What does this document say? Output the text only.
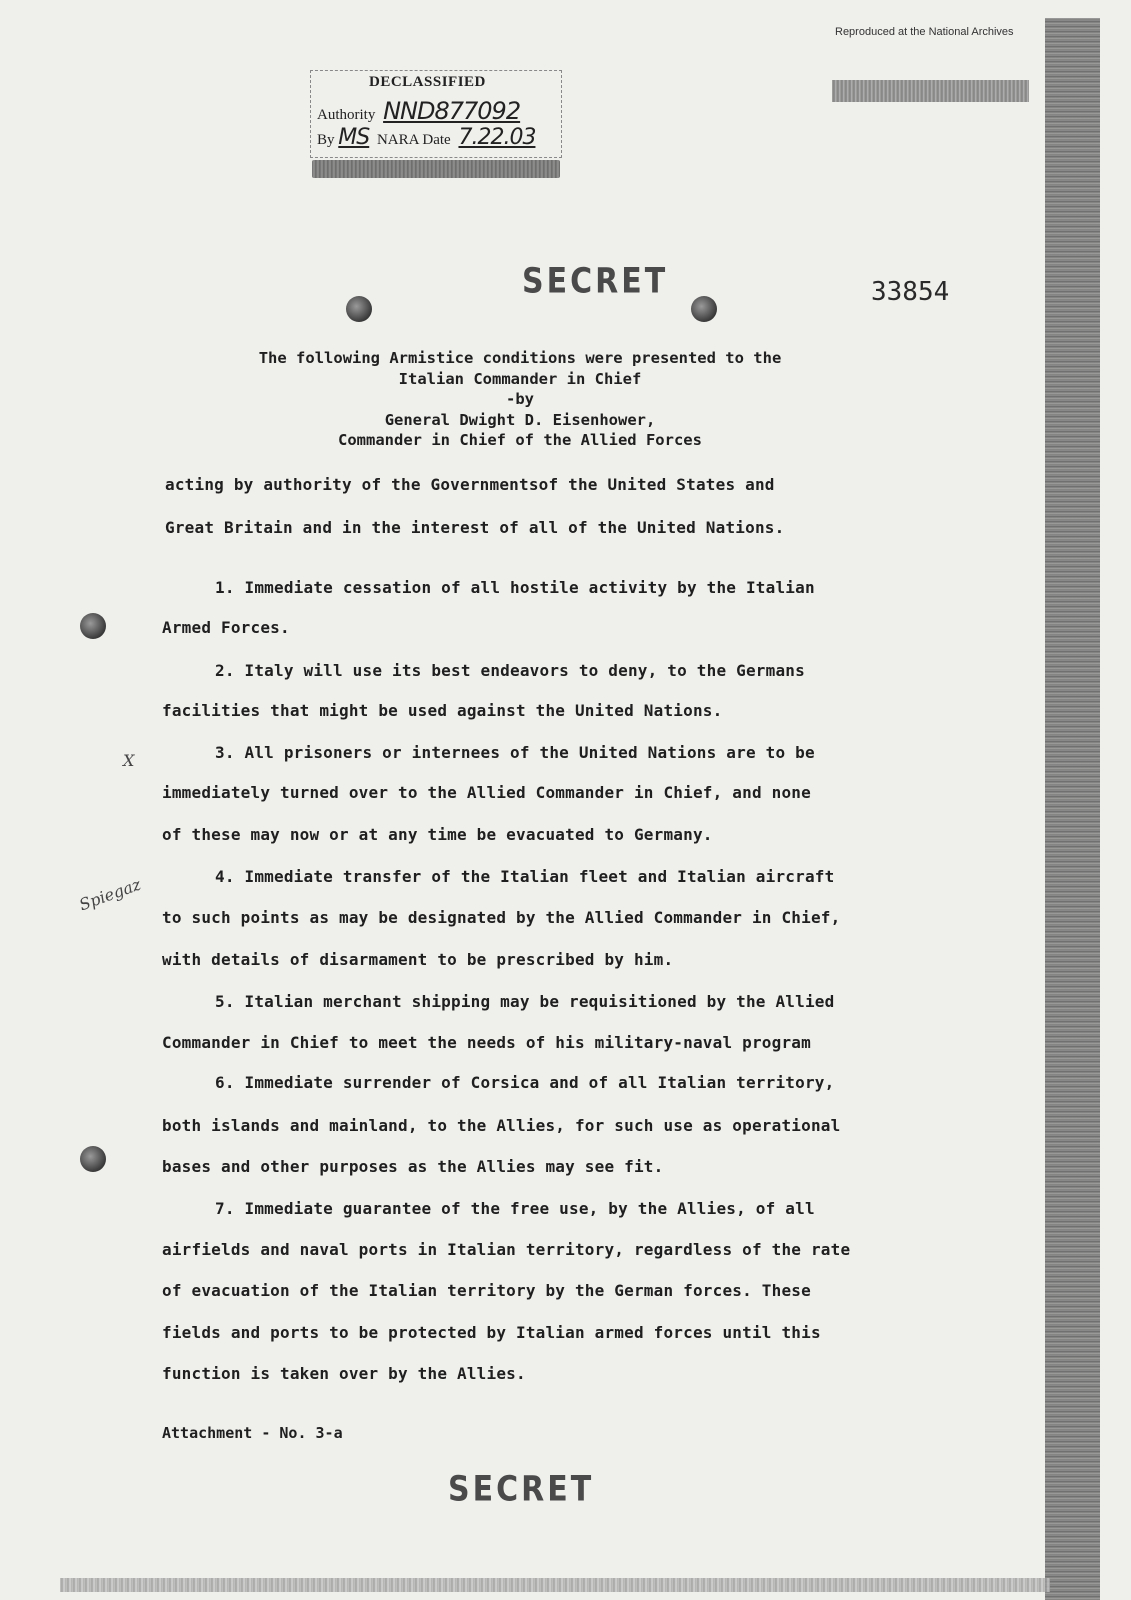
Reproduced at the National Archives
DECLASSIFIED
Authority NND877092
By MS NARA Date 7.22.03
SECRET	33854
The following Armistice conditions were presented to the
Italian Commander in Chief
-by
General Dwight D. Eisenhower,
Commander in Chief of the Allied Forces
acting by authority of the Governmentsof the United States and
Great Britain and in the interest of all of the United Nations.
1. Immediate cessation of all hostile activity by the Italian
Armed Forces.
2. Italy will use its best endeavors to deny, to the Germans
facilities that might be used against the United Nations.
3. All prisoners or internees of the United Nations are to be
immediately turned over to the Allied Commander in Chief, and none
of these may now or at any time be evacuated to Germany.
4. Immediate transfer of the Italian fleet and Italian aircraft
to such points as may be designated by the Allied Commander in Chief,
with details of disarmament to be prescribed by him.
5. Italian merchant shipping may be requisitioned by the Allied
Commander in Chief to meet the needs of his military-naval program
6. Immediate surrender of Corsica and of all Italian territory,
both islands and mainland, to the Allies, for such use as operational
bases and other purposes as the Allies may see fit.
7. Immediate guarantee of the free use, by the Allies, of all
airfields and naval ports in Italian territory, regardless of the rate
of evacuation of the Italian territory by the German forces. These
fields and ports to be protected by Italian armed forces until this
function is taken over by the Allies.
X
Spiegaz
Attachment - No. 3-a
SECRET
